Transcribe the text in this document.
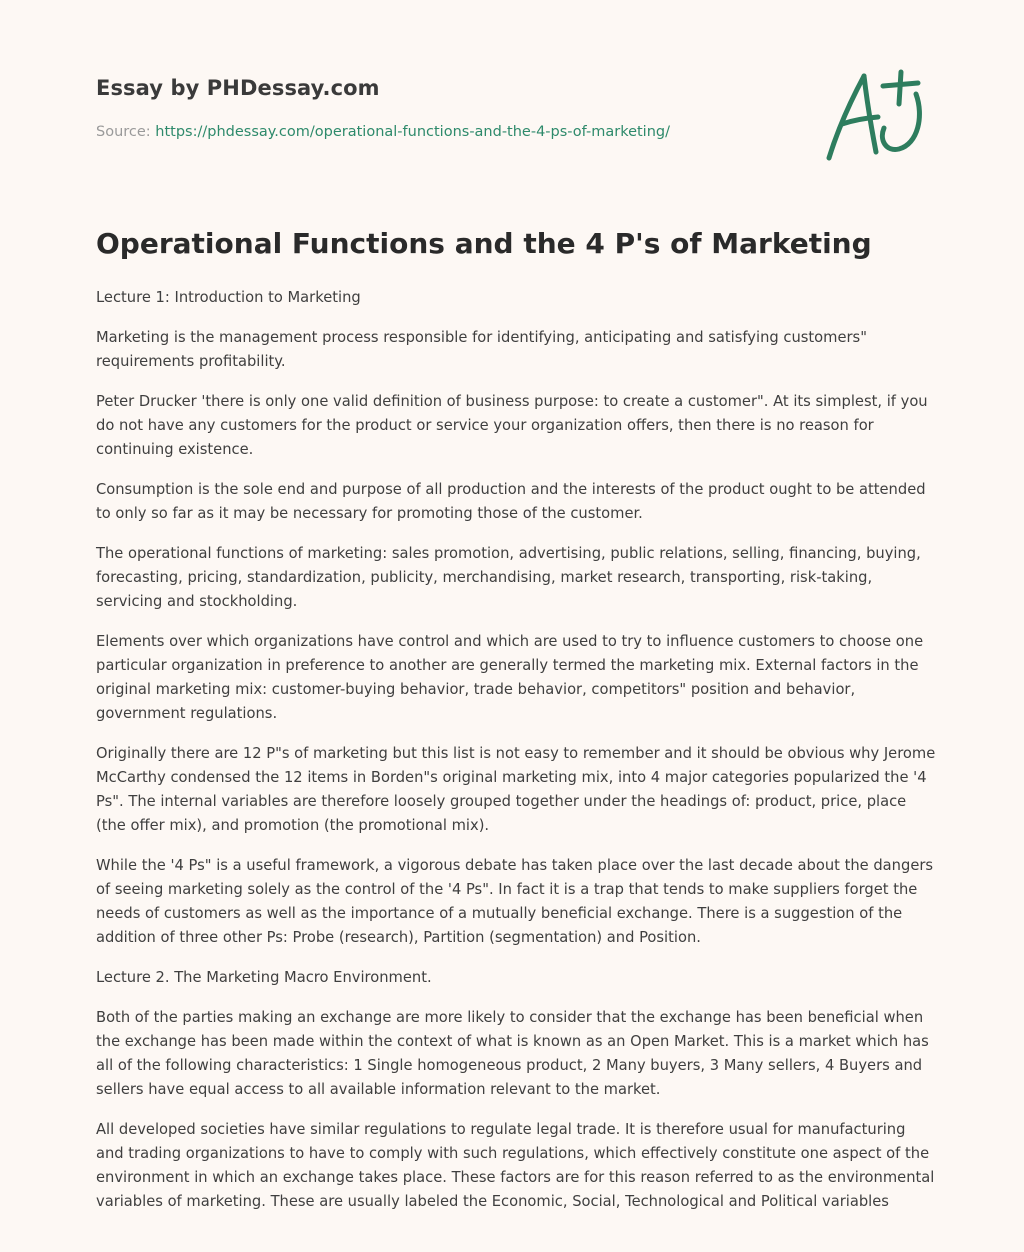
Essay by PHDessay.com
Source: https://phdessay.com/operational-functions-and-the-4-ps-of-marketing/
Operational Functions and the 4 P's of Marketing

Lecture 1: Introduction to Marketing

Marketing is the management process responsible for identifying, anticipating and satisfying customers" requirements profitability.

Peter Drucker 'there is only one valid definition of business purpose: to create a customer". At its simplest, if you do not have any customers for the product or service your organization offers, then there is no reason for continuing existence.

Consumption is the sole end and purpose of all production and the interests of the product ought to be attended to only so far as it may be necessary for promoting those of the customer.

The operational functions of marketing: sales promotion, advertising, public relations, selling, financing, buying, forecasting, pricing, standardization, publicity, merchandising, market research, transporting, risk-taking, servicing and stockholding.

Elements over which organizations have control and which are used to try to influence customers to choose one particular organization in preference to another are generally termed the marketing mix. External factors in the original marketing mix: customer-buying behavior, trade behavior, competitors" position and behavior, government regulations.

Originally there are 12 P"s of marketing but this list is not easy to remember and it should be obvious why Jerome McCarthy condensed the 12 items in Borden"s original marketing mix, into 4 major categories popularized the '4 Ps". The internal variables are therefore loosely grouped together under the headings of: product, price, place (the offer mix), and promotion (the promotional mix).

While the '4 Ps" is a useful framework, a vigorous debate has taken place over the last decade about the dangers of seeing marketing solely as the control of the '4 Ps". In fact it is a trap that tends to make suppliers forget the needs of customers as well as the importance of a mutually beneficial exchange. There is a suggestion of the addition of three other Ps: Probe (research), Partition (segmentation) and Position.

Lecture 2. The Marketing Macro Environment.

Both of the parties making an exchange are more likely to consider that the exchange has been beneficial when the exchange has been made within the context of what is known as an Open Market. This is a market which has all of the following characteristics: 1 Single homogeneous product, 2 Many buyers, 3 Many sellers, 4 Buyers and sellers have equal access to all available information relevant to the market.

All developed societies have similar regulations to regulate legal trade. It is therefore usual for manufacturing and trading organizations to have to comply with such regulations, which effectively constitute one aspect of the environment in which an exchange takes place. These factors are for this reason referred to as the environmental variables of marketing. These are usually labeled the Economic, Social, Technological and Political variables
